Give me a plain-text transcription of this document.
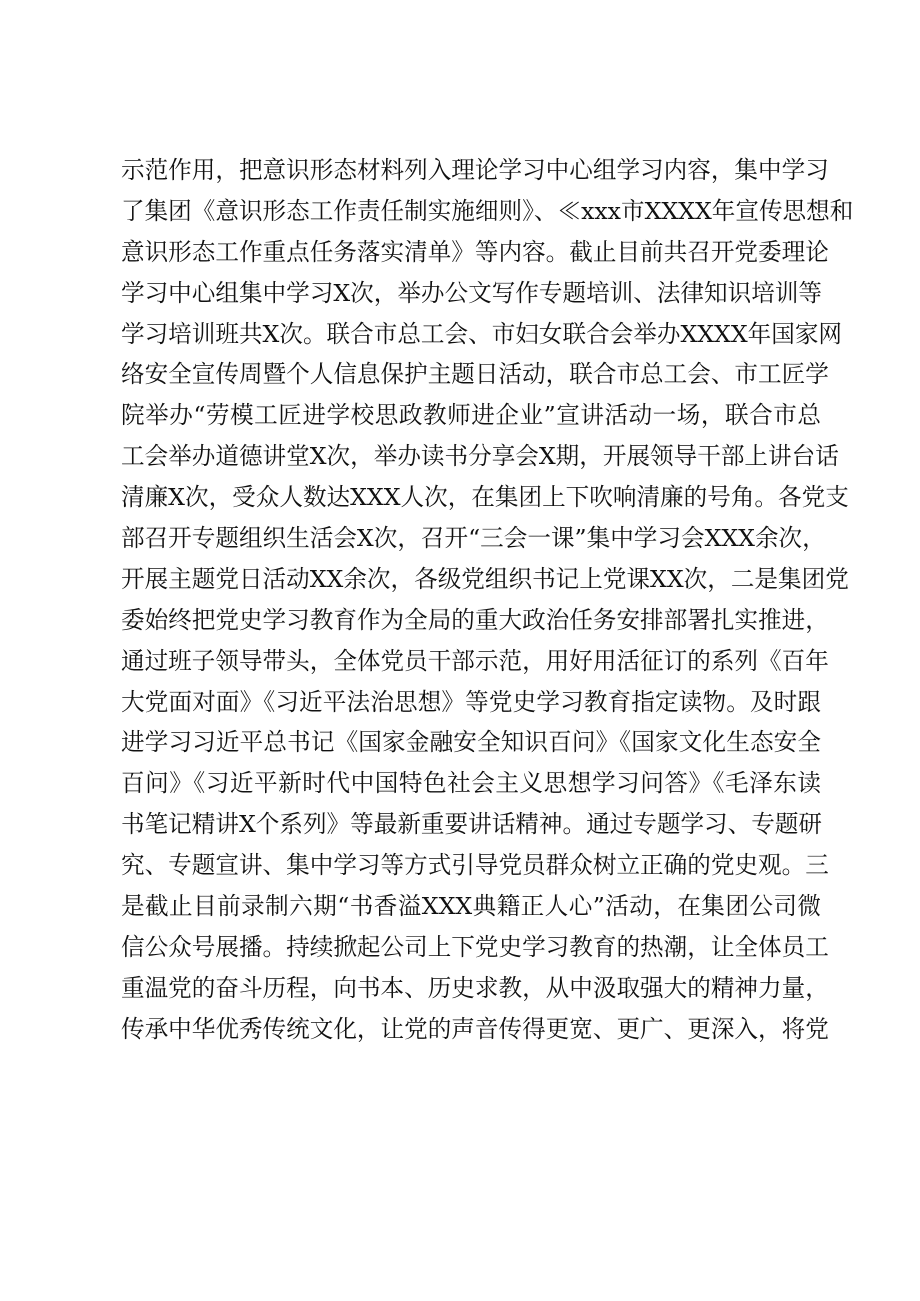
示范作用，把意识形态材料列入理论学习中心组学习内容，集中学习
了集团《意识形态工作责任制实施细则》、≪xxx市XXXX年宣传思想和
意识形态工作重点任务落实清单》等内容。截止目前共召开党委理论
学习中心组集中学习X次，举办公文写作专题培训、法律知识培训等
学习培训班共X次。联合市总工会、市妇女联合会举办XXXX年国家网
络安全宣传周暨个人信息保护主题日活动，联合市总工会、市工匠学
院举办“劳模工匠进学校思政教师进企业”宣讲活动一场，联合市总
工会举办道德讲堂X次，举办读书分享会X期，开展领导干部上讲台话
清廉X次，受众人数达XXX人次，在集团上下吹响清廉的号角。各党支
部召开专题组织生活会X次，召开“三会一课”集中学习会XXX余次，
开展主题党日活动XX余次，各级党组织书记上党课XX次，二是集团党
委始终把党史学习教育作为全局的重大政治任务安排部署扎实推进，
通过班子领导带头，全体党员干部示范，用好用活征订的系列《百年
大党面对面》《习近平法治思想》等党史学习教育指定读物。及时跟
进学习习近平总书记《国家金融安全知识百问》《国家文化生态安全
百问》《习近平新时代中国特色社会主义思想学习问答》《毛泽东读
书笔记精讲X个系列》等最新重要讲话精神。通过专题学习、专题研
究、专题宣讲、集中学习等方式引导党员群众树立正确的党史观。三
是截止目前录制六期“书香溢XXX典籍正人心”活动，在集团公司微
信公众号展播。持续掀起公司上下党史学习教育的热潮，让全体员工
重温党的奋斗历程，向书本、历史求教，从中汲取强大的精神力量，
传承中华优秀传统文化，让党的声音传得更宽、更广、更深入，将党
